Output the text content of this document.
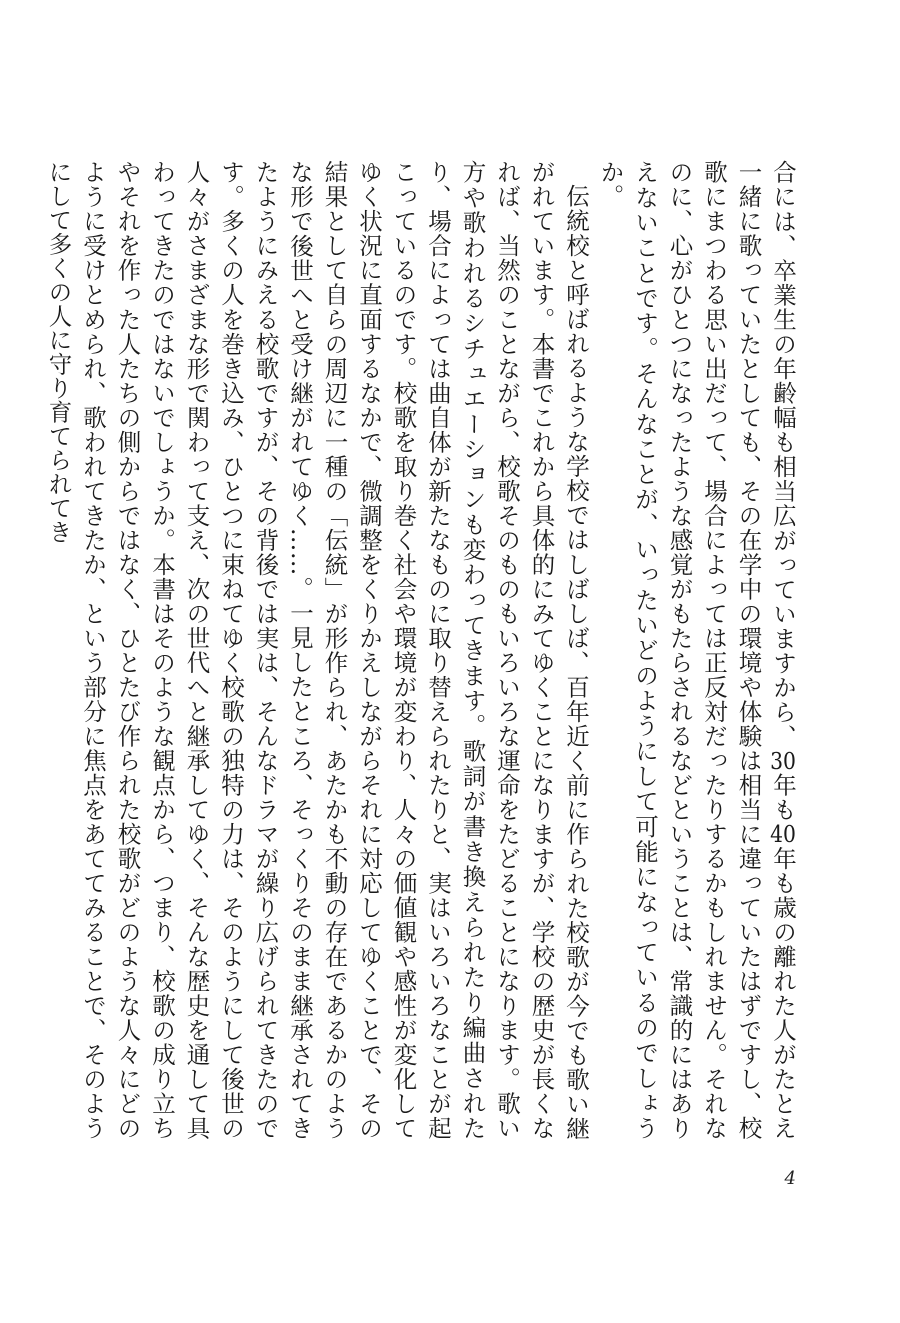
合には、卒業生の年齢幅も相当広がっていますから、30年も40年も歳の離れた人がたとえ一緒に歌っていたとしても、その在学中の環境や体験は相当に違っていたはずですし、校歌にまつわる思い出だって、場合によっては正反対だったりするかもしれません。それなのに、心がひとつになったような感覚がもたらされるなどということは、常識的にはありえないことです。そんなことが、いったいどのようにして可能になっているのでしょうか。

伝統校と呼ばれるような学校ではしばしば、百年近く前に作られた校歌が今でも歌い継がれています。本書でこれから具体的にみてゆくことになりますが、学校の歴史が長くなれば、当然のことながら、校歌そのものもいろいろな運命をたどることになります。歌い方や歌われるシチュエーションも変わってきます。歌詞が書き換えられたり編曲されたり、場合によっては曲自体が新たなものに取り替えられたりと、実はいろいろなことが起こっているのです。校歌を取り巻く社会や環境が変わり、人々の価値観や感性が変化してゆく状況に直面するなかで、微調整をくりかえしながらそれに対応してゆくことで、その結果として自らの周辺に一種の「伝統」が形作られ、あたかも不動の存在であるかのような形で後世へと受け継がれてゆく……。一見したところ、そっくりそのまま継承されてきたようにみえる校歌ですが、その背後では実は、そんなドラマが繰り広げられてきたのです。多くの人を巻き込み、ひとつに束ねてゆく校歌の独特の力は、そのようにして後世の人々がさまざまな形で関わって支え、次の世代へと継承してゆく、そんな歴史を通して具わってきたのではないでしょうか。本書はそのような観点から、つまり、校歌の成り立ちやそれを作った人たちの側からではなく、ひとたび作られた校歌がどのような人々にどのように受けとめられ、歌われてきたか、という部分に焦点をあててみることで、そのようにして多くの人に守り育てられてき

4
